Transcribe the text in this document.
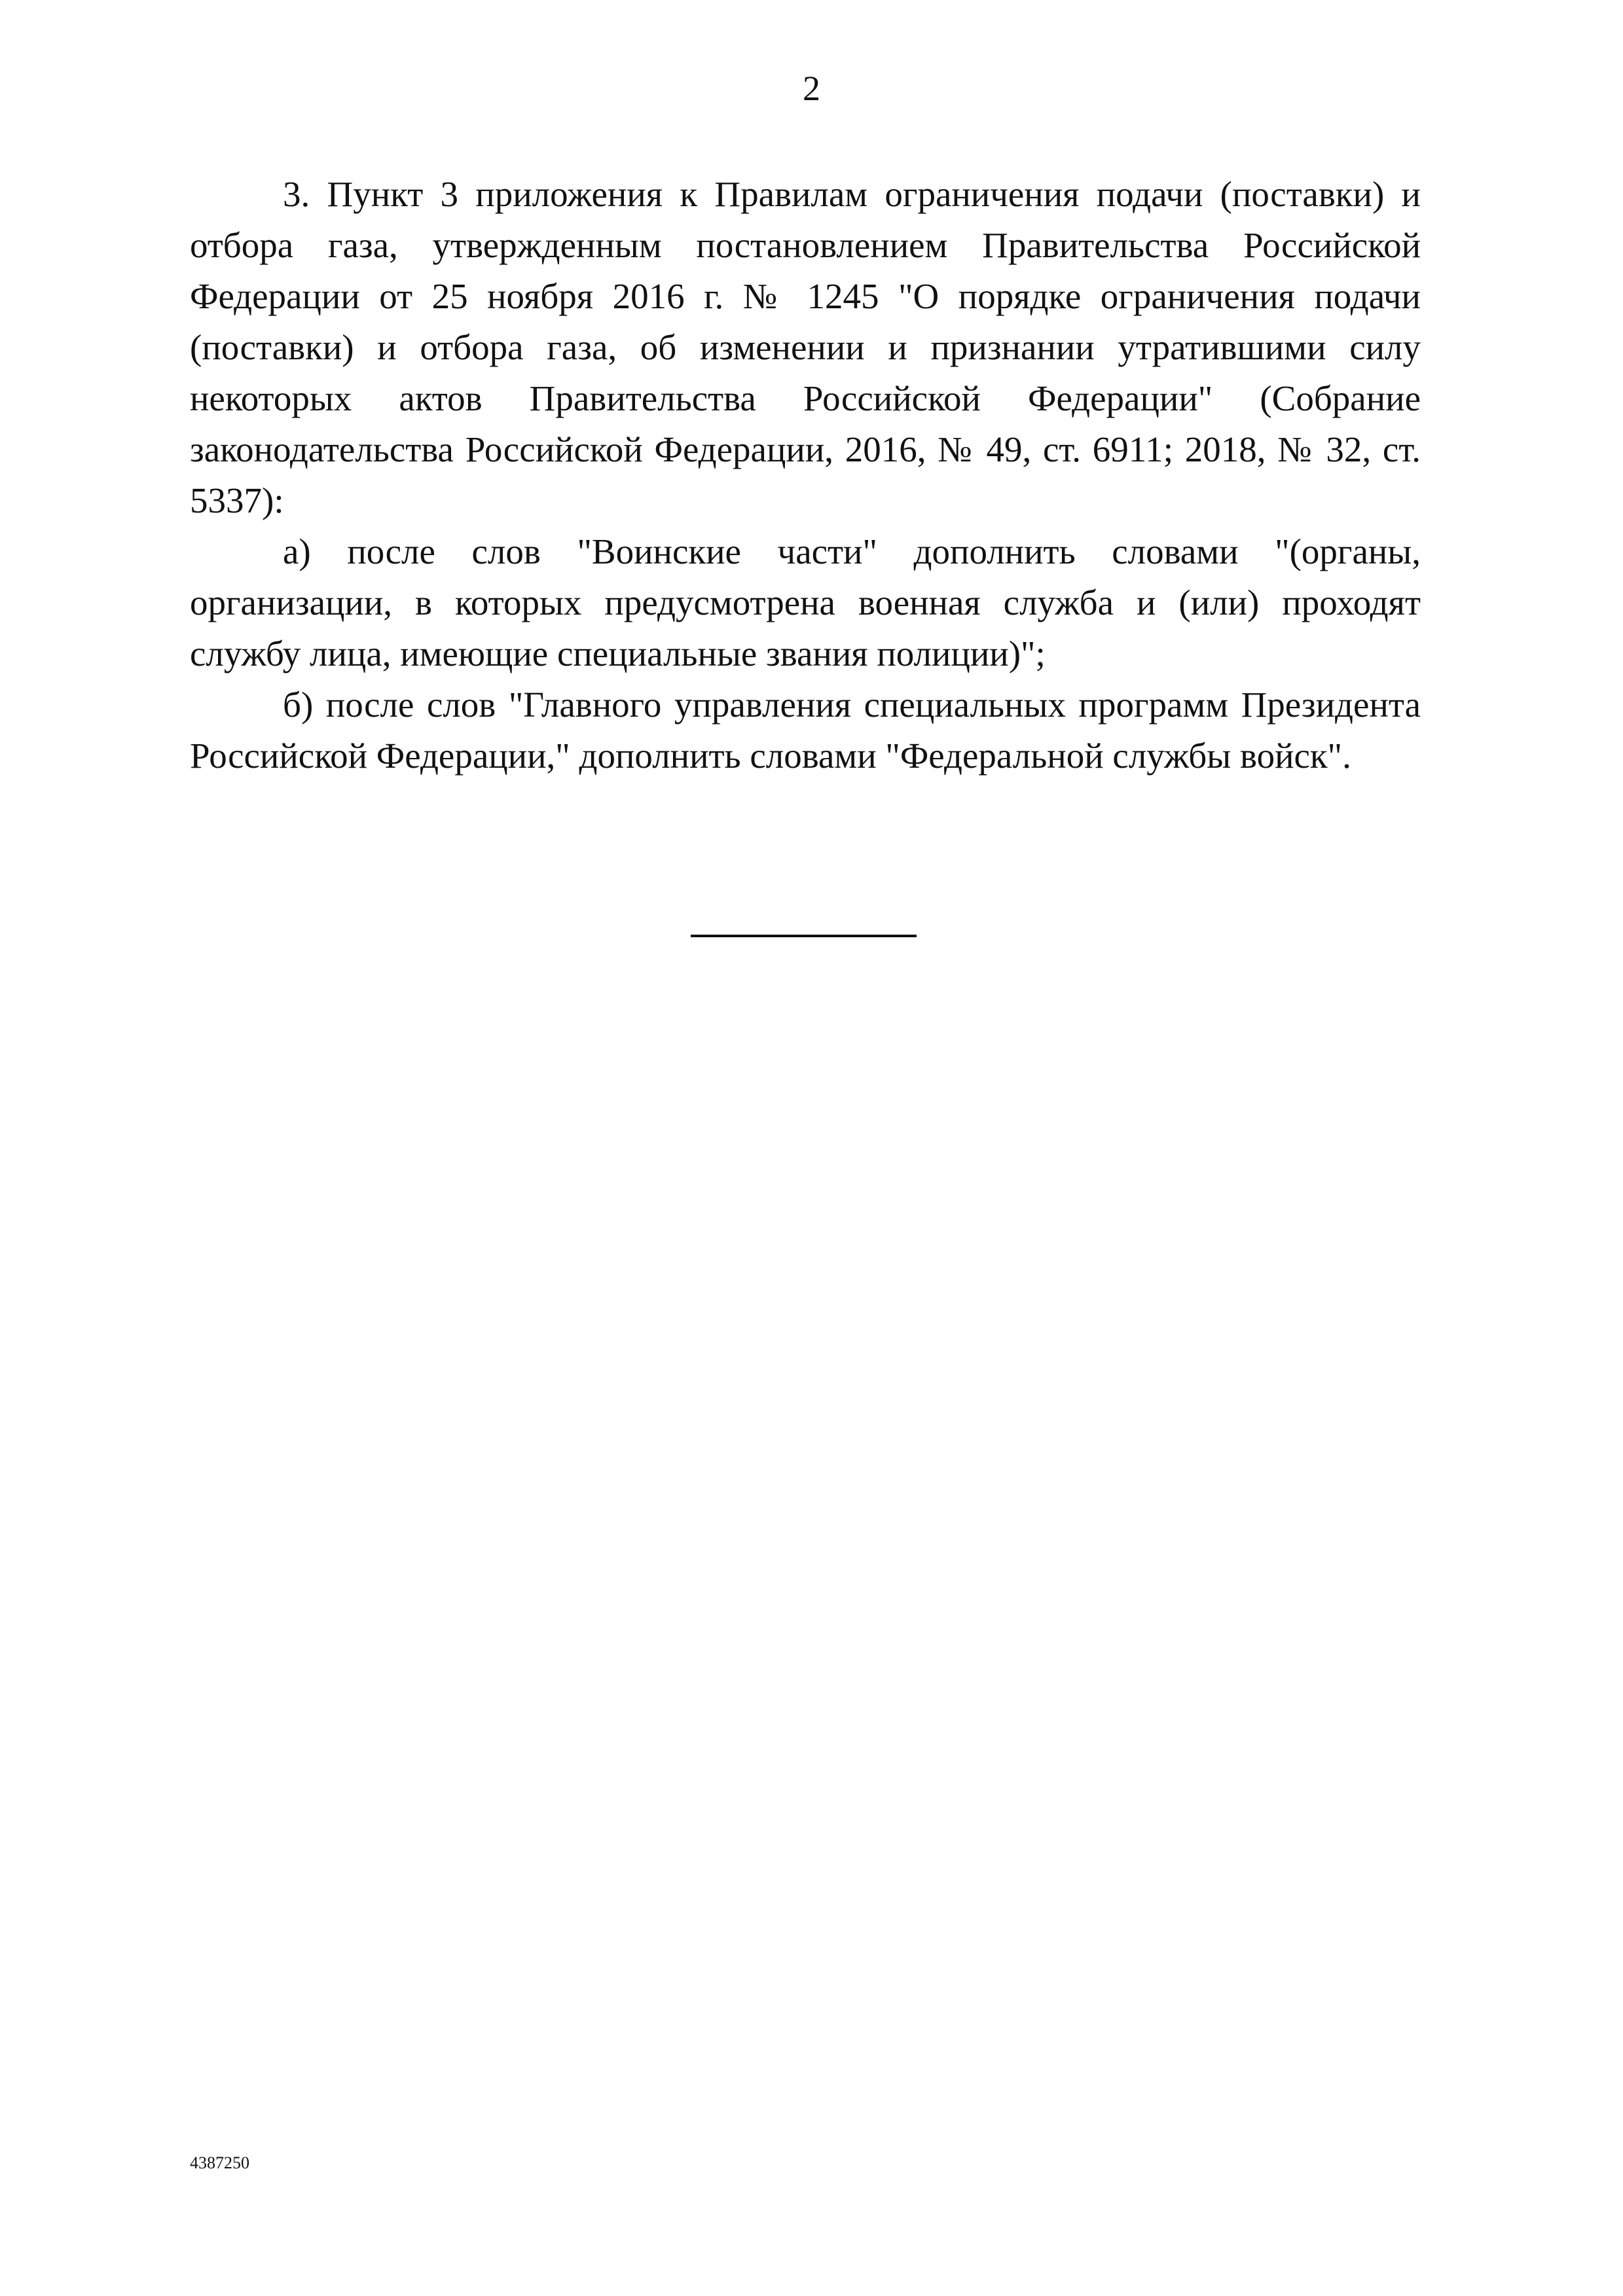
2

3. Пункт 3 приложения к Правилам ограничения подачи (поставки) и отбора газа, утвержденным постановлением Правительства Российской Федерации от 25 ноября 2016 г. № 1245 "О порядке ограничения подачи (поставки) и отбора газа, об изменении и признании утратившими силу некоторых актов Правительства Российской Федерации" (Собрание законодательства Российской Федерации, 2016, № 49, ст. 6911; 2018, № 32, ст. 5337):

а) после слов "Воинские части" дополнить словами "(органы, организации, в которых предусмотрена военная служба и (или) проходят службу лица, имеющие специальные звания полиции)";

б) после слов "Главного управления специальных программ Президента Российской Федерации," дополнить словами "Федеральной службы войск".

4387250
